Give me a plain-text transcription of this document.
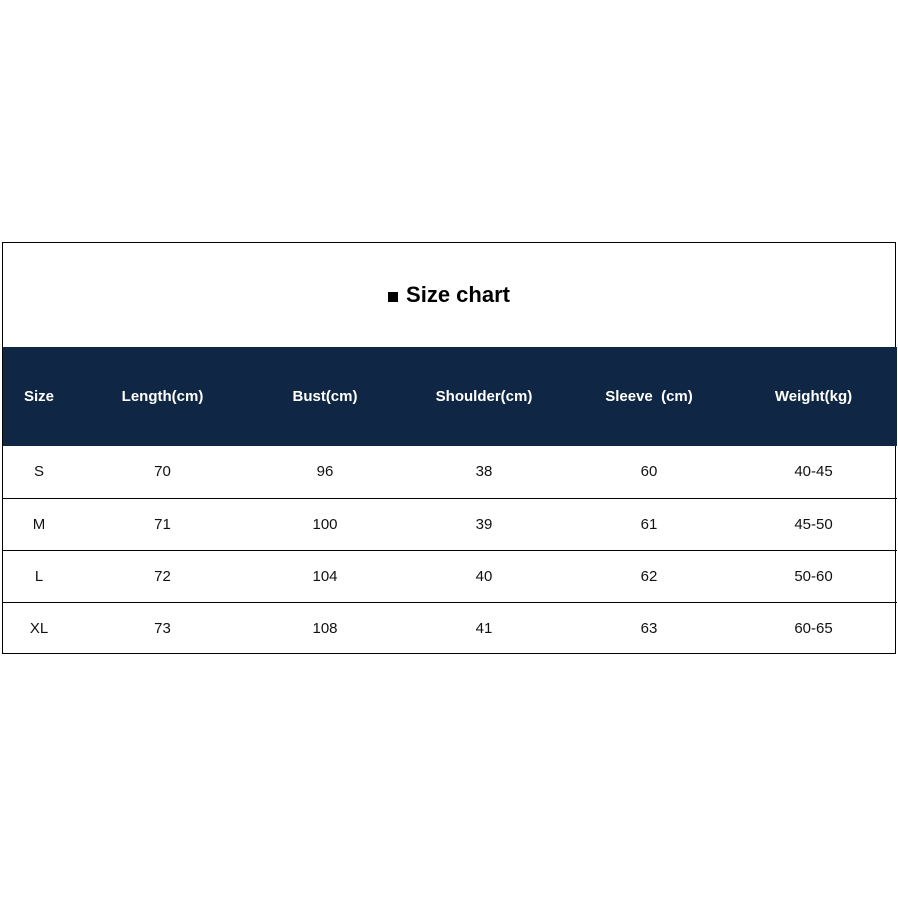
Size chart
Size	Length(cm)	Bust(cm)	Shoulder(cm)	Sleeve  (cm)	Weight(kg)
S	70	96	38	60	40-45
M	71	100	39	61	45-50
L	72	104	40	62	50-60
XL	73	108	41	63	60-65
